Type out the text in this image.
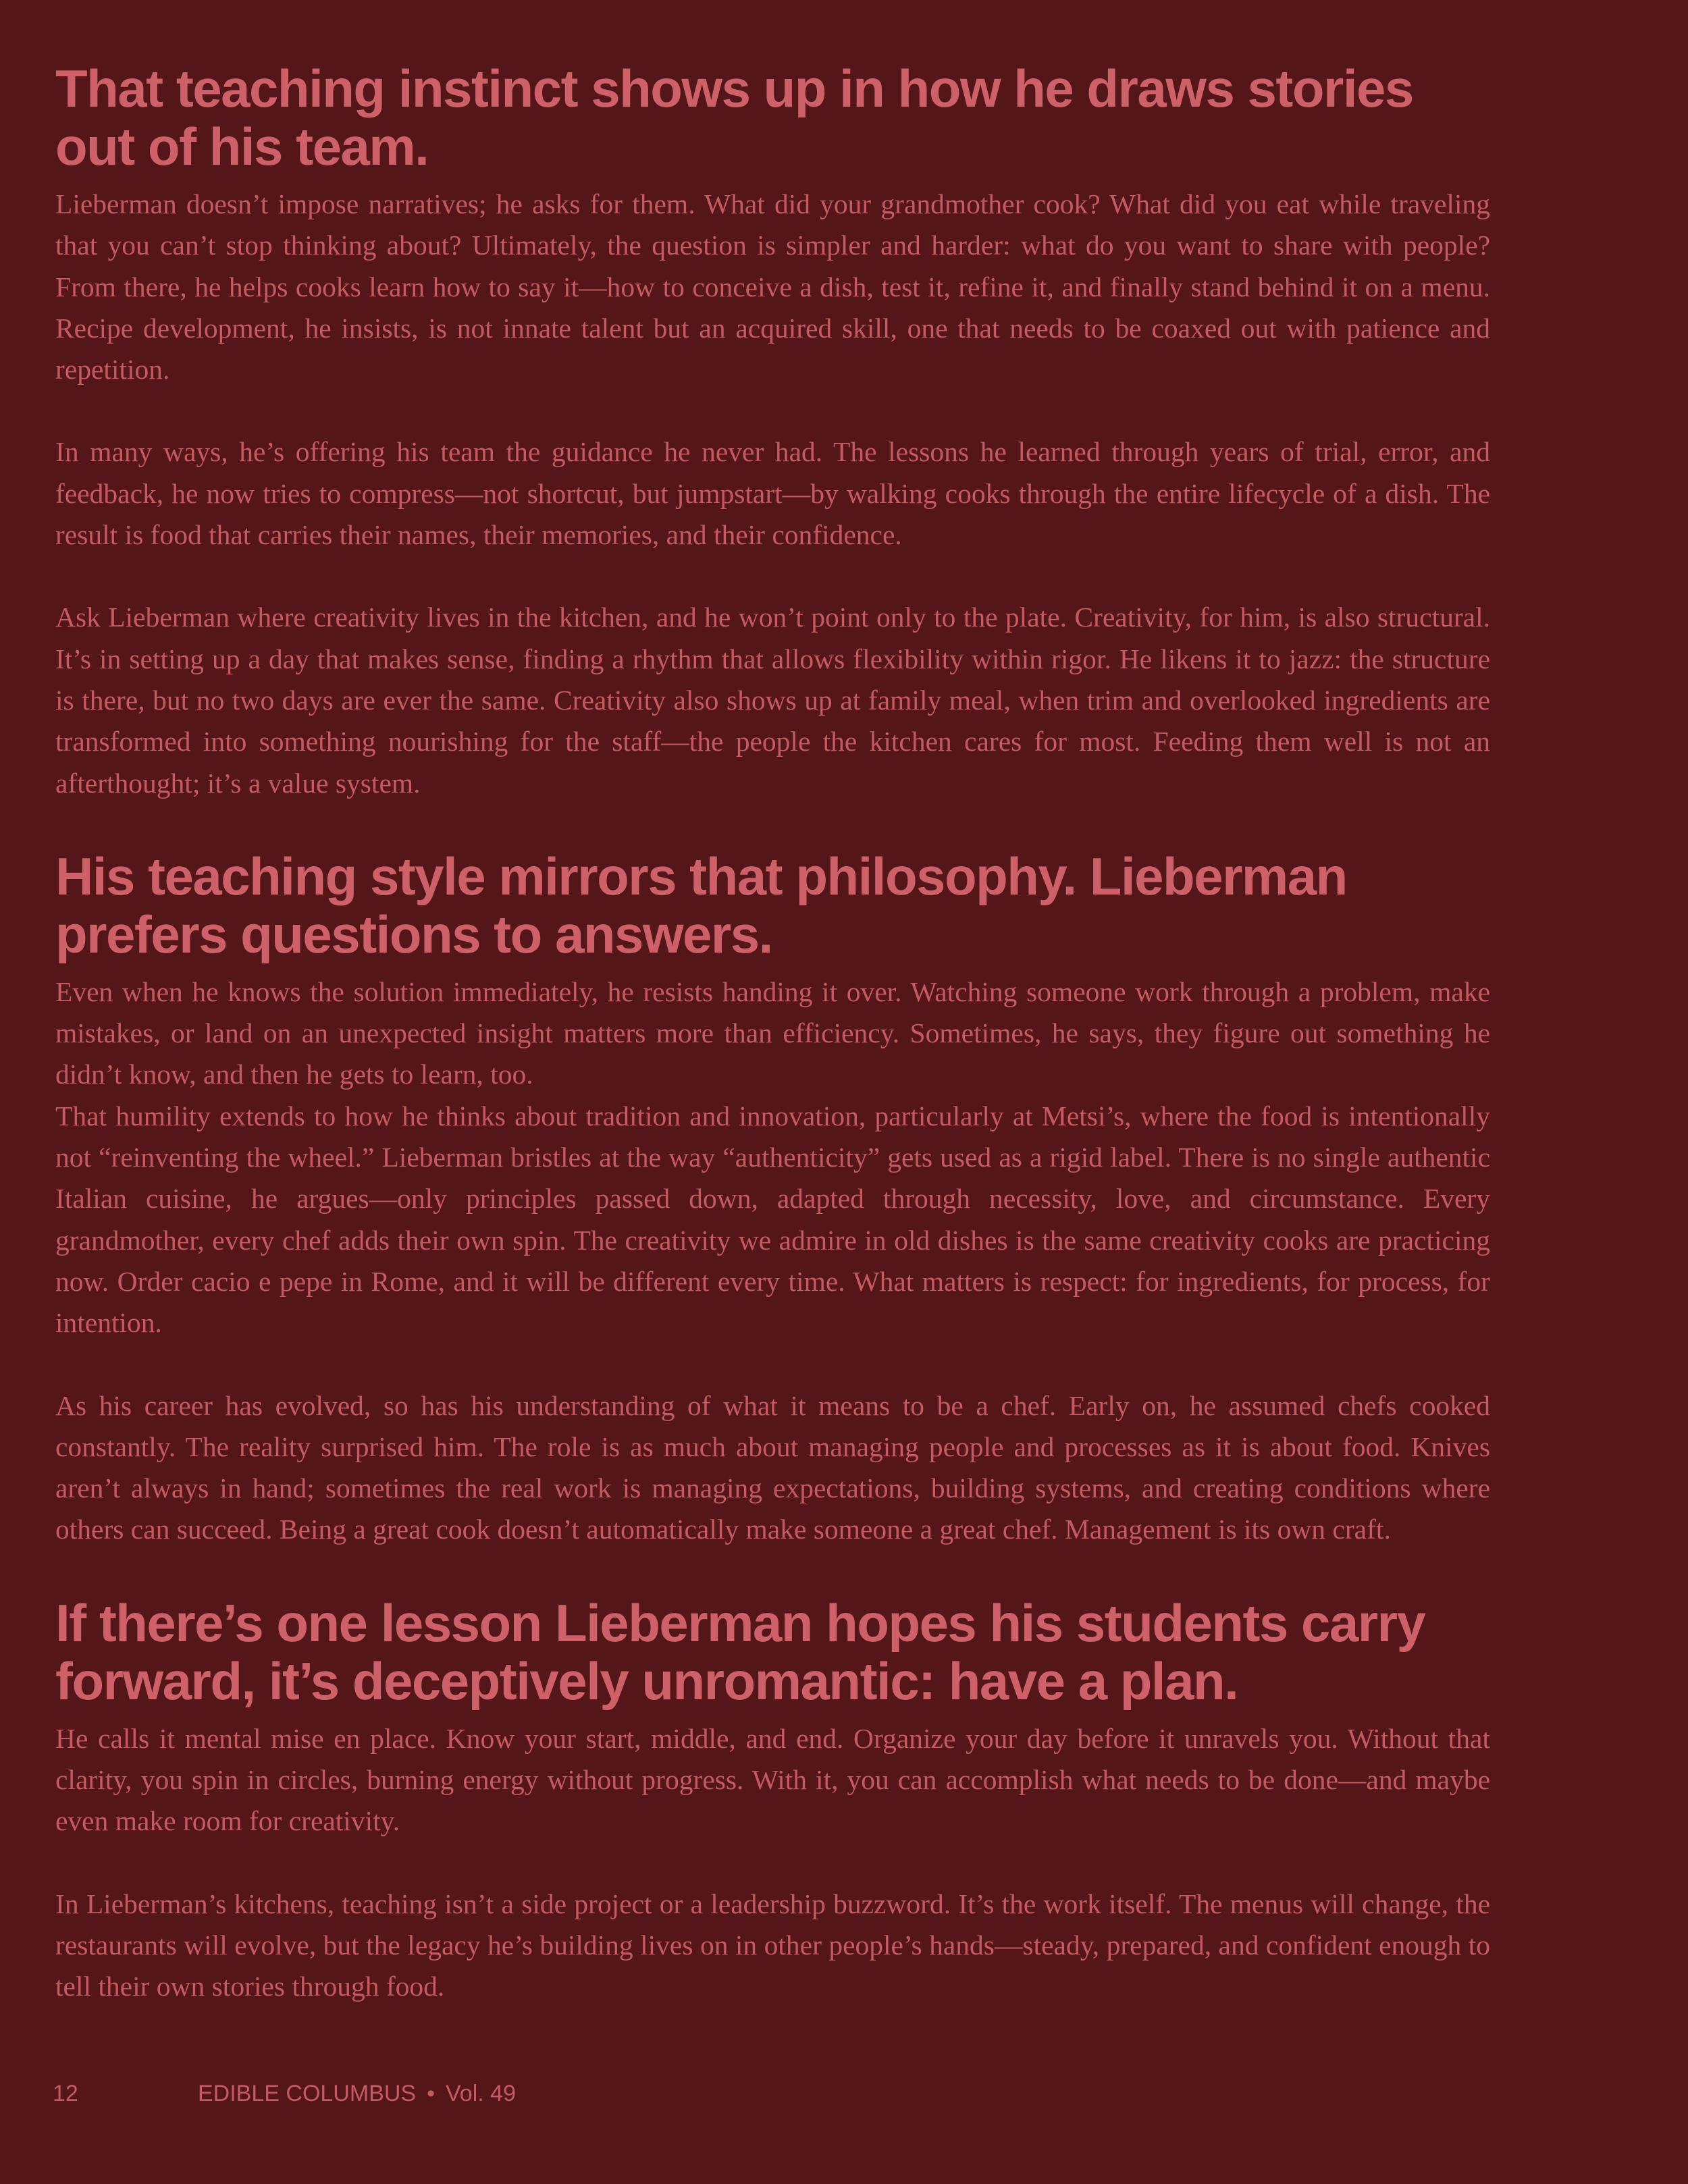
That teaching instinct shows up in how he draws stories out of his team.

Lieberman doesn’t impose narratives; he asks for them. What did your grandmother cook? What did you eat while traveling that you can’t stop thinking about? Ultimately, the question is simpler and harder: what do you want to share with people? From there, he helps cooks learn how to say it—how to conceive a dish, test it, refine it, and finally stand behind it on a menu. Recipe development, he insists, is not innate talent but an acquired skill, one that needs to be coaxed out with patience and repetition.

In many ways, he’s offering his team the guidance he never had. The lessons he learned through years of trial, error, and feedback, he now tries to compress—not shortcut, but jumpstart—by walking cooks through the entire lifecycle of a dish. The result is food that carries their names, their memories, and their confidence.

Ask Lieberman where creativity lives in the kitchen, and he won’t point only to the plate. Creativity, for him, is also structural. It’s in setting up a day that makes sense, finding a rhythm that allows flexibility within rigor. He likens it to jazz: the structure is there, but no two days are ever the same. Creativity also shows up at family meal, when trim and overlooked ingredients are transformed into something nourishing for the staff—the people the kitchen cares for most. Feeding them well is not an afterthought; it’s a value system.

His teaching style mirrors that philosophy. Lieberman prefers questions to answers.

Even when he knows the solution immediately, he resists handing it over. Watching someone work through a problem, make mistakes, or land on an unexpected insight matters more than efficiency. Sometimes, he says, they figure out something he didn’t know, and then he gets to learn, too.

That humility extends to how he thinks about tradition and innovation, particularly at Metsi’s, where the food is intentionally not “reinventing the wheel.” Lieberman bristles at the way “authenticity” gets used as a rigid label. There is no single authentic Italian cuisine, he argues—only principles passed down, adapted through necessity, love, and circumstance. Every grandmother, every chef adds their own spin. The creativity we admire in old dishes is the same creativity cooks are practicing now. Order cacio e pepe in Rome, and it will be different every time. What matters is respect: for ingredients, for process, for intention.

As his career has evolved, so has his understanding of what it means to be a chef. Early on, he assumed chefs cooked constantly. The reality surprised him. The role is as much about managing people and processes as it is about food. Knives aren’t always in hand; sometimes the real work is managing expectations, building systems, and creating conditions where others can succeed. Being a great cook doesn’t automatically make someone a great chef. Management is its own craft.

If there’s one lesson Lieberman hopes his students carry forward, it’s deceptively unromantic: have a plan.

He calls it mental mise en place. Know your start, middle, and end. Organize your day before it unravels you. Without that clarity, you spin in circles, burning energy without progress. With it, you can accomplish what needs to be done—and maybe even make room for creativity.

In Lieberman’s kitchens, teaching isn’t a side project or a leadership buzzword. It’s the work itself. The menus will change, the restaurants will evolve, but the legacy he’s building lives on in other people’s hands—steady, prepared, and confident enough to tell their own stories through food.

12	EDIBLE COLUMBUS • Vol. 49
